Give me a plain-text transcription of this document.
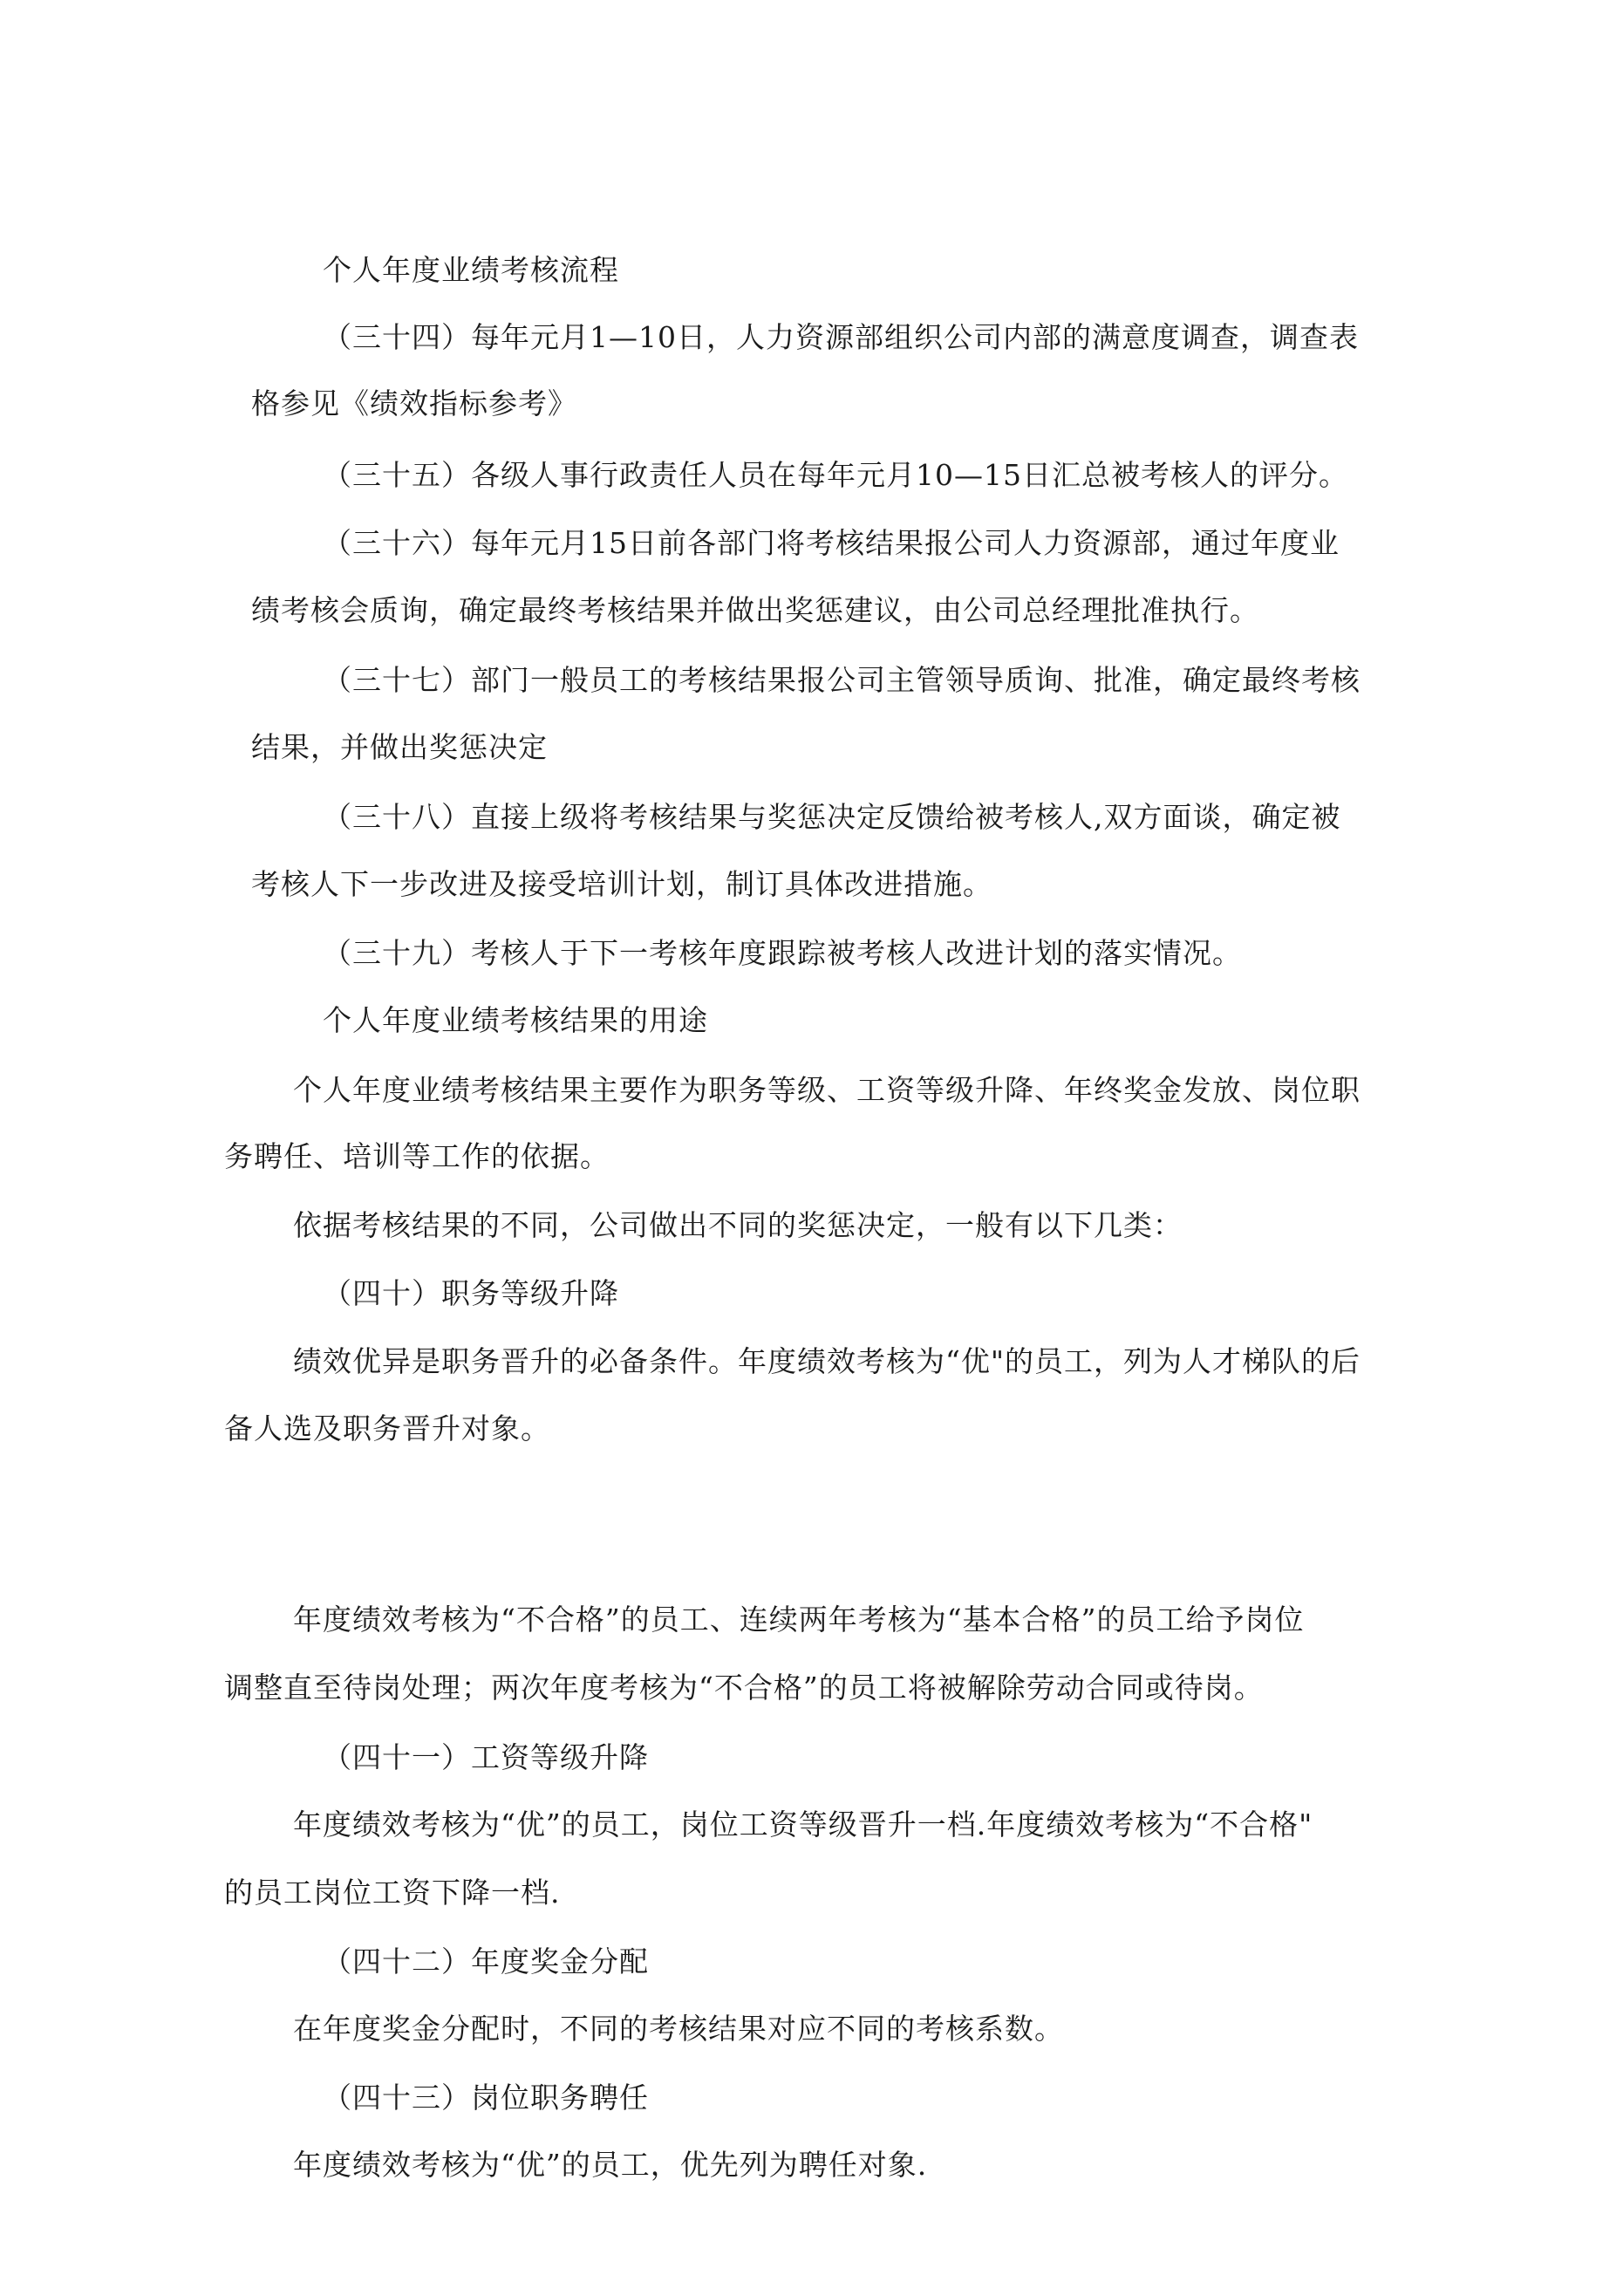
个人年度业绩考核流程
（三十四）每年元月1—10日，人力资源部组织公司内部的满意度调查，调查表
格参见《绩效指标参考》
（三十五）各级人事行政责任人员在每年元月10—15日汇总被考核人的评分。
（三十六）每年元月15日前各部门将考核结果报公司人力资源部，通过年度业
绩考核会质询，确定最终考核结果并做出奖惩建议，由公司总经理批准执行。
（三十七）部门一般员工的考核结果报公司主管领导质询、批准，确定最终考核
结果，并做出奖惩决定
（三十八）直接上级将考核结果与奖惩决定反馈给被考核人,双方面谈，确定被
考核人下一步改进及接受培训计划，制订具体改进措施。
（三十九）考核人于下一考核年度跟踪被考核人改进计划的落实情况。
个人年度业绩考核结果的用途
个人年度业绩考核结果主要作为职务等级、工资等级升降、年终奖金发放、岗位职
务聘任、培训等工作的依据。
依据考核结果的不同，公司做出不同的奖惩决定，一般有以下几类：
（四十）职务等级升降
绩效优异是职务晋升的必备条件。年度绩效考核为“优"的员工，列为人才梯队的后
备人选及职务晋升对象。
年度绩效考核为“不合格”的员工、连续两年考核为“基本合格”的员工给予岗位
调整直至待岗处理；两次年度考核为“不合格”的员工将被解除劳动合同或待岗。
（四十一）工资等级升降
年度绩效考核为“优”的员工，岗位工资等级晋升一档.年度绩效考核为“不合格"
的员工岗位工资下降一档.
（四十二）年度奖金分配
在年度奖金分配时，不同的考核结果对应不同的考核系数。
（四十三）岗位职务聘任
年度绩效考核为“优”的员工，优先列为聘任对象.
